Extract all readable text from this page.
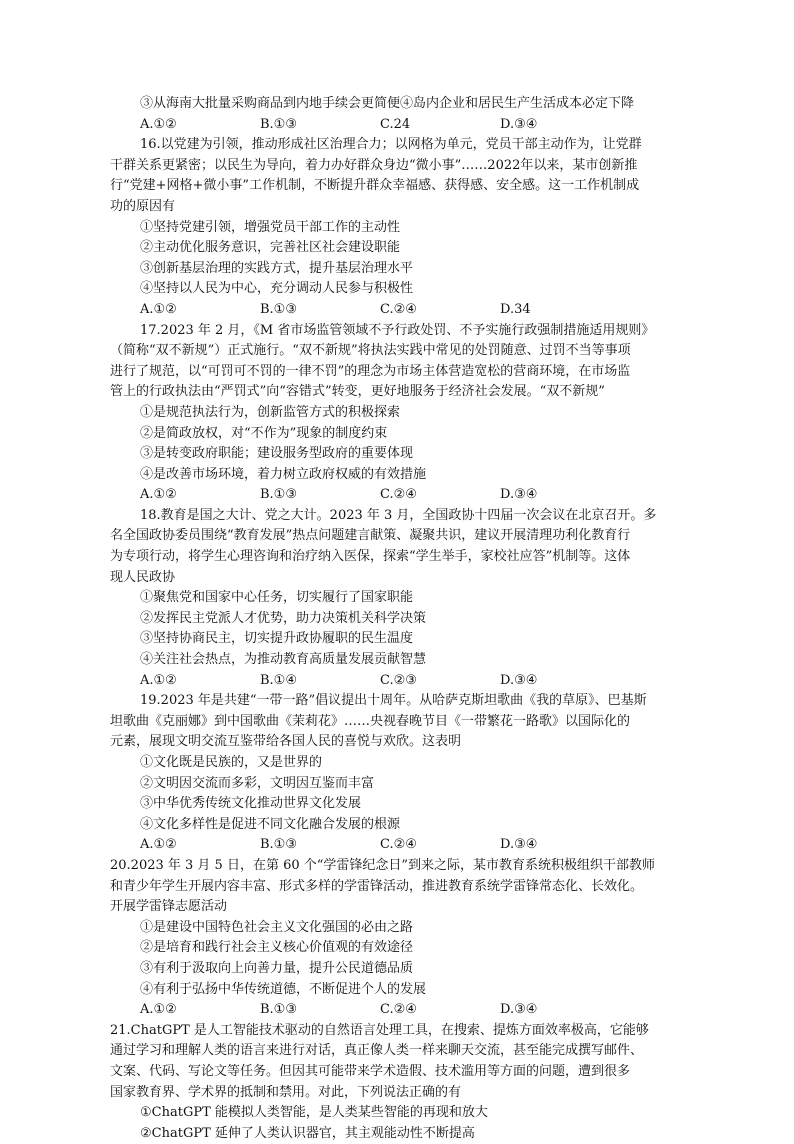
③从海南大批量采购商品到内地手续会更简便④岛内企业和居民生产生活成本必定下降
A.①②	B.①③	C.24	D.③④
16.以党建为引领，推动形成社区治理合力；以网格为单元，党员干部主动作为，让党群
干群关系更紧密；以民生为导向，着力办好群众身边“微小事”……2022年以来，某市创新推
行“党建+网格+微小事”工作机制，不断提升群众幸福感、获得感、安全感。这一工作机制成
功的原因有
①坚持党建引领，增强党员干部工作的主动性
②主动优化服务意识，完善社区社会建设职能
③创新基层治理的实践方式，提升基层治理水平
④坚持以人民为中心，充分调动人民参与积极性
A.①②	B.①③	C.②④	D.34
17.2023 年 2 月，《M 省市场监管领域不予行政处罚、不予实施行政强制措施适用规则》
（简称“双不新规”）正式施行。“双不新规”将执法实践中常见的处罚随意、过罚不当等事项
进行了规范，以“可罚可不罚的一律不罚”的理念为市场主体营造宽松的营商环境，在市场监
管上的行政执法由“严罚式”向“容错式”转变，更好地服务于经济社会发展。“双不新规”
①是规范执法行为，创新监管方式的积极探索
②是简政放权，对“不作为”现象的制度约束
③是转变政府职能；建设服务型政府的重要体现
④是改善市场环境，着力树立政府权威的有效措施
A.①②	B.①③	C.②④	D.③④
18.教育是国之大计、党之大计。2023 年 3 月，全国政协十四届一次会议在北京召开。多
名全国政协委员围绕“教育发展”热点问题建言献策、凝聚共识，建议开展清理功利化教育行
为专项行动，将学生心理咨询和治疗纳入医保，探索“学生举手，家校社应答”机制等。这体
现人民政协
①聚焦党和国家中心任务，切实履行了国家职能
②发挥民主党派人才优势，助力决策机关科学决策
③坚持协商民主，切实提升政协履职的民生温度
④关注社会热点，为推动教育高质量发展贡献智慧
A.①②	B.①④	C.②③	D.③④
19.2023 年是共建“一带一路”倡议提出十周年。从哈萨克斯坦歌曲《我的草原》、巴基斯
坦歌曲《克丽娜》到中国歌曲《茉莉花》……央视春晚节目《一带繁花一路歌》以国际化的
元素，展现文明交流互鉴带给各国人民的喜悦与欢欣。这表明
①文化既是民族的，又是世界的
②文明因交流而多彩，文明因互鉴而丰富
③中华优秀传统文化推动世界文化发展
④文化多样性是促进不同文化融合发展的根源
A.①②	B.①③	C.②④	D.③④
20.2023 年 3 月 5 日，在第 60 个“学雷锋纪念日”到来之际，某市教育系统积极组织干部教师
和青少年学生开展内容丰富、形式多样的学雷锋活动，推进教育系统学雷锋常态化、长效化。
开展学雷锋志愿活动
①是建设中国特色社会主义文化强国的必由之路
②是培育和践行社会主义核心价值观的有效途径
③有利于汲取向上向善力量，提升公民道德品质
④有利于弘扬中华传统道德，不断促进个人的发展
A.①②	B.①③	C.②④	D.③④
21.ChatGPT 是人工智能技术驱动的自然语言处理工具，在搜索、提炼方面效率极高，它能够
通过学习和理解人类的语言来进行对话，真正像人类一样来聊天交流，甚至能完成撰写邮件、
文案、代码、写论文等任务。但因其可能带来学术造假、技术滥用等方面的问题，遭到很多
国家教育界、学术界的抵制和禁用。对此，下列说法正确的有
①ChatGPT 能模拟人类智能，是人类某些智能的再现和放大
②ChatGPT 延伸了人类认识器官，其主观能动性不断提高
